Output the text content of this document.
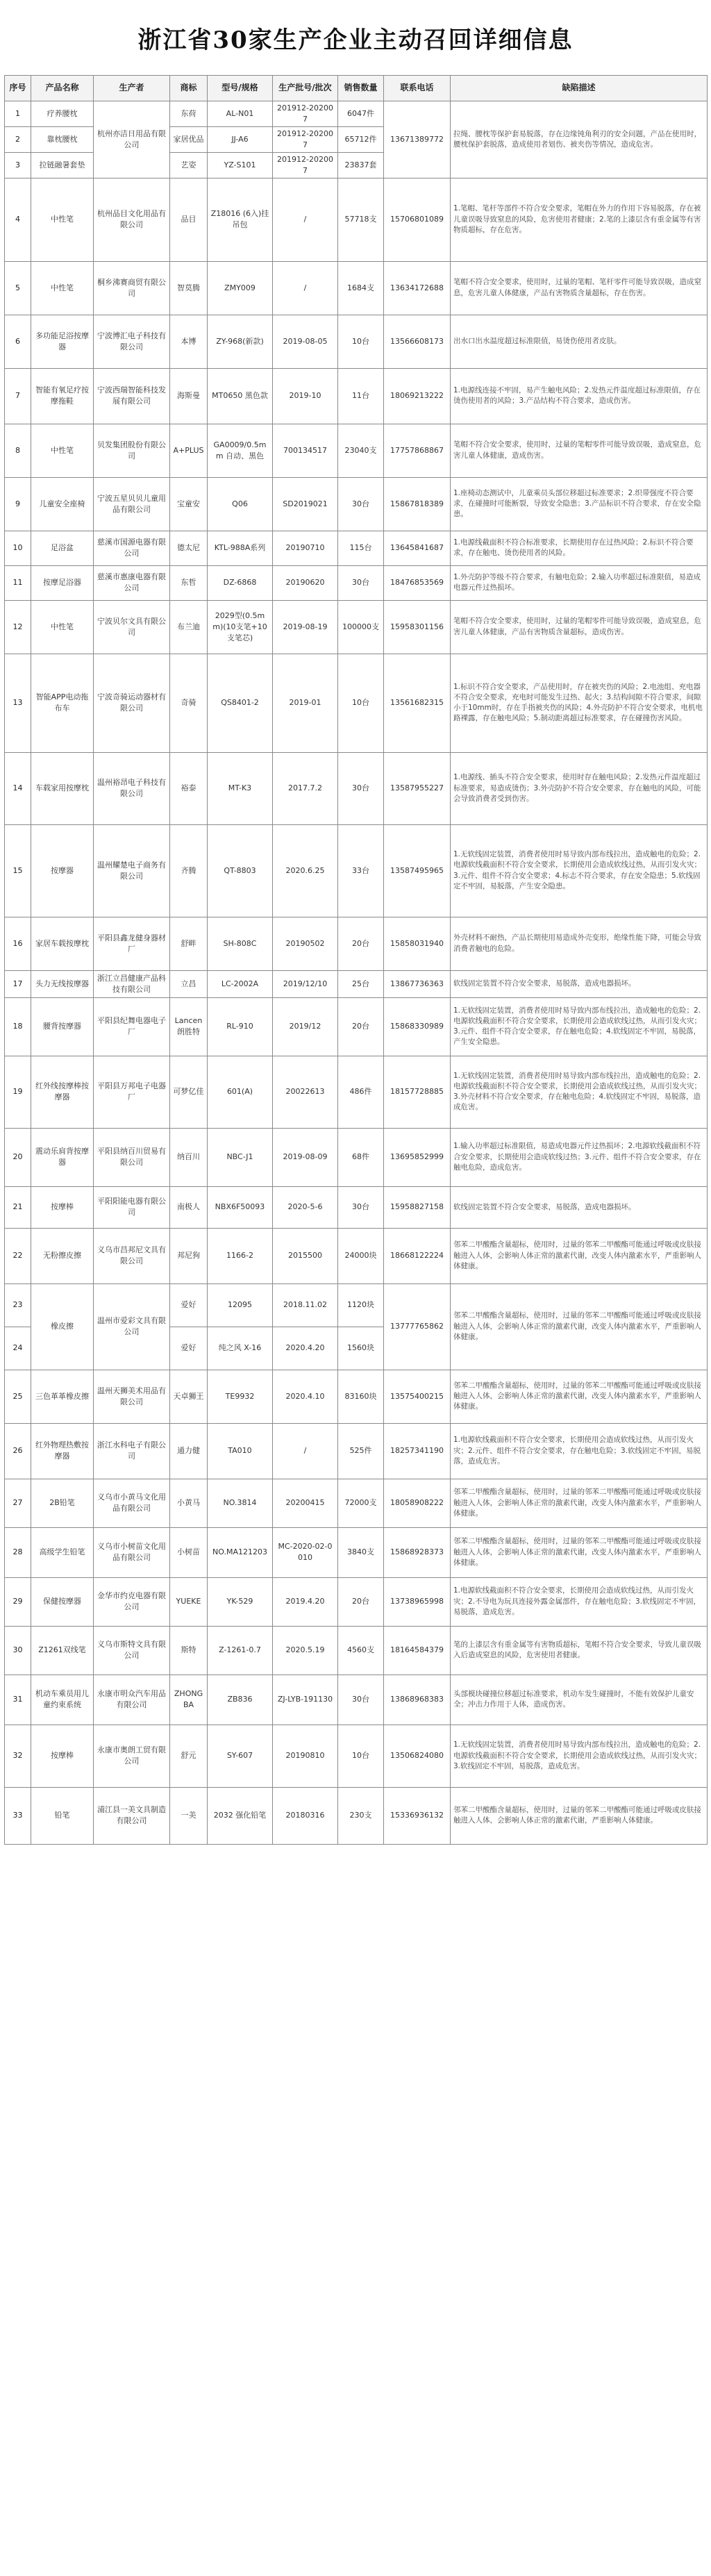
浙江省30家生产企业主动召回详细信息
序号	产品名称	生产者	商标	型号/规格	生产批号/批次	销售数量	联系电话	缺陷描述
1	疗养腰枕	杭州亦洁日用品有限公司	东荷	AL-N01	201912-202007	6047件	13671389772	拉绳、腰枕等保护套易脱落，存在边缘钝角利刃的安全问题，产品在使用时，腰枕保护套脱落，造成使用者划伤、被夹伤等情况，造成危害。
2	靠枕腰枕		家居优品	JJ-A6	201912-202007	65712件		
3	拉链融暑套垫		艺姿	YZ-S101	201912-202007	23837套		
4	中性笔	杭州品目文化用品有限公司	品目	Z18016 (6入)挂吊包	/	57718支	15706801089	1.笔帽、笔杆等部件不符合安全要求，笔帽在外力的作用下容易脱落，存在被儿童误吸导致窒息的风险，危害使用者健康；2.笔的上漆层含有重金属等有害物质超标，存在危害。
5	中性笔	桐乡沸赛商贸有限公司	智莫腾	ZMY009	/	1684支	13634172688	笔帽不符合安全要求，使用时，过量的笔帽、笔杆零件可能导致误吸，造成窒息，危害儿童人体健康，产品有害物质含量超标，存在伤害。
6	多功能足浴按摩器	宁波博汇电子科技有限公司	本博	ZY-968(新款)	2019-08-05	10台	13566608173	出水口出水温度超过标准限值，易烫伤使用者皮肤。
7	智能有氧足疗按摩拖鞋	宁波西瑞智能科技发展有限公司	海斯曼	MT0650 黑色款	2019-10	11台	18069213222	1.电源线连接不牢固，易产生触电风险；2.发热元件温度超过标准限值，存在烫伤使用者的风险；3.产品结构不符合要求，造成伤害。
8	中性笔	贝发集团股份有限公司	A+PLUS	GA0009/0.5mm 自动、黑色	700134517	23040支	17757868867	笔帽不符合安全要求，使用时，过量的笔帽零件可能导致误吸，造成窒息，危害儿童人体健康，造成伤害。
9	儿童安全座椅	宁波五星贝贝儿童用品有限公司	宝童安	Q06	SD2019021	30台	15867818389	1.座椅动态测试中，儿童乘员头部位移超过标准要求；2.织带强度不符合要求，在碰撞时可能断裂，导致安全隐患；3.产品标识不符合要求，存在安全隐患。
10	足浴盆	慈溪市国源电器有限公司	德太尼	KTL-988A系列	20190710	115台	13645841687	1.电源线截面积不符合标准要求，长期使用存在过热风险；2.标识不符合要求，存在触电、烫伤使用者的风险。
11	按摩足浴器	慈溪市惠康电器有限公司	东哲	DZ-6868	20190620	30台	18476853569	1.外壳防护等级不符合要求，有触电危险；2.输入功率超过标准限值，易造成电器元件过热损坏。
12	中性笔	宁波贝尔文具有限公司	布兰迪	2029型(0.5mm)(10支笔+10支笔芯)	2019-08-19	100000支	15958301156	笔帽不符合安全要求，使用时，过量的笔帽零件可能导致误吸，造成窒息，危害儿童人体健康，产品有害物质含量超标，造成伤害。
13	智能APP电动拖布车	宁波奇骑运动器材有限公司	奇骑	QS8401-2	2019-01	10台	13561682315	1.标识不符合安全要求，产品使用时，存在被夹伤的风险；2.电池组、充电器不符合安全要求，充电时可能发生过热、起火；3.结构间隙不符合要求，间隙小于10mm时，存在手指被夹伤的风险；4.外壳防护不符合安全要求，电机电路裸露，存在触电风险；5.制动距离超过标准要求，存在碰撞伤害风险。
14	车载家用按摩枕	温州裕昂电子科技有限公司	裕泰	MT-K3	2017.7.2	30台	13587955227	1.电源线、插头不符合安全要求，使用时存在触电风险；2.发热元件温度超过标准要求，易造成烫伤；3.外壳防护不符合安全要求，存在触电的风险，可能会导致消费者受到伤害。
15	按摩器	温州耀楚电子商务有限公司	齐腾	QT-8803	2020.6.25	33台	13587495965	1.无软线固定装置，消费者使用时易导致内部布线拉出，造成触电的危险；2.电源软线截面积不符合安全要求，长期使用会造成软线过热，从而引发火灾；3.元件、组件不符合安全要求；4.标志不符合要求，存在安全隐患；5.软线固定不牢固，易脱落，产生安全隐患。
16	家居车载按摩枕	平阳县鑫龙健身器材厂	舒畔	SH-808C	20190502	20台	15858031940	外壳材料不耐热，产品长期使用易造成外壳变形，绝缘性能下降，可能会导致消费者触电的危险。
17	头力无线按摩器	浙江立昌健康产品科技有限公司	立昌	LC-2002A	2019/12/10	25台	13867736363	软线固定装置不符合安全要求，易脱落，造成电器损坏。
18	腰背按摩器	平阳县纪舞电器电子厂	Lancen 朗胜特	RL-910	2019/12	20台	15868330989	1.无软线固定装置，消费者使用时易导致内部布线拉出，造成触电的危险；2.电源软线截面积不符合安全要求，长期使用会造成软线过热，从而引发火灾；3.元件、组件不符合安全要求，存在触电危险；4.软线固定不牢固，易脱落，产生安全隐患。
19	红外线按摩棒按摩器	平阳县万邦电子电器厂	可梦亿佳	601(A)	20022613	486件	18157728885	1.无软线固定装置，消费者使用时易导致内部布线拉出，造成触电的危险；2.电源软线截面积不符合安全要求，长期使用会造成软线过热，从而引发火灾；3.外壳材料不符合安全要求，存在触电危险；4.软线固定不牢固，易脱落，造成危害。
20	震动乐肩背按摩器	平阳县纳百川贸易有限公司	纳百川	NBC-J1	2019-08-09	68件	13695852999	1.输入功率超过标准限值，易造成电器元件过热损坏；2.电源软线截面积不符合安全要求，长期使用会造成软线过热；3.元件、组件不符合安全要求，存在触电危险，造成危害。
21	按摩棒	平阳阳能电器有限公司	南极人	NBX6F50093	2020-5-6	30台	15958827158	软线固定装置不符合安全要求，易脱落，造成电器损坏。
22	无粉擦皮擦	义乌市昌邦尼文具有限公司	邦尼狗	1166-2	2015500	24000块	18668122224	邻苯二甲酸酯含量超标，使用时，过量的邻苯二甲酸酯可能通过呼吸或皮肤接触进入人体，会影响人体正常的激素代谢，改变人体内激素水平，严重影响人体健康。
23	橡皮擦	温州市爱彩文具有限公司	爱好	12095	2018.11.02	1120块	13777765862	邻苯二甲酸酯含量超标，使用时，过量的邻苯二甲酸酯可能通过呼吸或皮肤接触进入人体，会影响人体正常的激素代谢，改变人体内激素水平，严重影响人体健康。
24			爱好	纯之风 X-16	2020.4.20	1560块		
25	三色革革橡皮擦	温州天狮美术用品有限公司	天卓狮王	TE9932	2020.4.10	83160块	13575400215	邻苯二甲酸酯含量超标，使用时，过量的邻苯二甲酸酯可能通过呼吸或皮肤接触进入人体，会影响人体正常的激素代谢，改变人体内激素水平，严重影响人体健康。
26	红外物理热敷按摩器	浙江水科电子有限公司	通力健	TA010	/	525件	18257341190	1.电源软线截面积不符合安全要求，长期使用会造成软线过热，从而引发火灾；2.元件、组件不符合安全要求，存在触电危险；3.软线固定不牢固，易脱落，造成危害。
27	2B铅笔	义乌市小黄马文化用品有限公司	小黄马	NO.3814	20200415	72000支	18058908222	邻苯二甲酸酯含量超标，使用时，过量的邻苯二甲酸酯可能通过呼吸或皮肤接触进入人体，会影响人体正常的激素代谢，改变人体内激素水平，严重影响人体健康。
28	高级学生铅笔	义乌市小树苗文化用品有限公司	小树苗	NO.MA121203	MC-2020-02-0010	3840支	15868928373	邻苯二甲酸酯含量超标，使用时，过量的邻苯二甲酸酯可能通过呼吸或皮肤接触进入人体，会影响人体正常的激素代谢，改变人体内激素水平，严重影响人体健康。
29	保健按摩器	金华市约克电器有限公司	YUEKE	YK-529	2019.4.20	20台	13738965998	1.电源软线截面积不符合安全要求，长期使用会造成软线过热，从而引发火灾；2.不导电为玩具连接外露金属部件，存在触电危险；3.软线固定不牢固，易脱落，造成危害。
30	Z1261双线笔	义乌市斯特文具有限公司	斯特	Z-1261-0.7	2020.5.19	4560支	18164584379	笔的上漆层含有重金属等有害物质超标，笔帽不符合安全要求，导致儿童误吸入后造成窒息的风险，危害使用者健康。
31	机动车乘员用儿童约束系统	永康市明众汽车用品有限公司	ZHONGBA	ZB836	ZJ-LYB-191130	30台	13868968383	头部模块碰撞位移超过标准要求，机动车发生碰撞时，不能有效保护儿童安全；冲击力作用于人体，造成伤害。
32	按摩棒	永康市奥朗工贸有限公司	舒元	SY-607	20190810	10台	13506824080	1.无软线固定装置，消费者使用时易导致内部布线拉出，造成触电的危险；2.电源软线截面积不符合安全要求，长期使用会造成软线过热，从而引发火灾；3.软线固定不牢固，易脱落，造成危害。
33	铅笔	浦江县一美文具制造有限公司	一美	2032 强化铅笔	20180316	230支	15336936132	邻苯二甲酸酯含量超标，使用时，过量的邻苯二甲酸酯可能通过呼吸或皮肤接触进入人体，会影响人体正常的激素代谢，严重影响人体健康。
